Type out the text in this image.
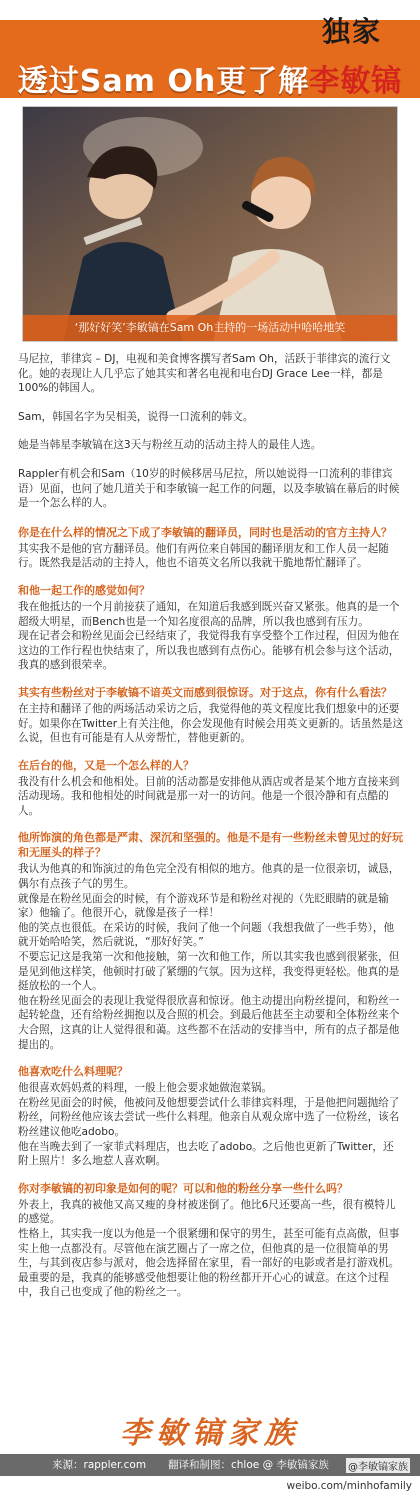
独家
透过Sam Oh更了解李敏镐
‘那好好笑’李敏镐在Sam Oh主持的一场活动中哈哈地笑

马尼拉，菲律宾 – DJ，电视和美食博客撰写者Sam Oh，活跃于菲律宾的流行文化。她的表现让人几乎忘了她其实和著名电视和电台DJ Grace Lee一样，都是100%的韩国人。

Sam，韩国名字为吴相美，说得一口流利的韩文。

她是当韩星李敏镐在这3天与粉丝互动的活动主持人的最佳人选。

Rappler有机会和Sam（10岁的时候移居马尼拉，所以她说得一口流利的菲律宾语）见面，也问了她几道关于和李敏镐一起工作的问题，以及李敏镐在幕后的时候是一个怎么样的人。

你是在什么样的情况之下成了李敏镐的翻译员，同时也是活动的官方主持人？
其实我不是他的官方翻译员。他们有两位来自韩国的翻译朋友和工作人员一起随行。既然我是活动的主持人，他也不谙英文名所以我就干脆地帮忙翻译了。
和他一起工作的感觉如何？
我在他抵达的一个月前接获了通知，在知道后我感到既兴奋又紧张。他真的是一个超级大明星，而Bench也是一个知名度很高的品牌，所以我也感到有压力。
现在记者会和粉丝见面会已经结束了，我觉得我有享受整个工作过程，但因为他在这边的工作行程也快结束了，所以我也感到有点伤心。能够有机会参与这个活动，我真的感到很荣幸。
其实有些粉丝对于李敏镐不谙英文而感到很惊讶。对于这点，你有什么看法？
在主持和翻译了他的两场活动采访之后，我觉得他的英文程度比我们想象中的还要好。如果你在Twitter上有关注他，你会发现他有时候会用英文更新的。话虽然是这么说，但也有可能是有人从旁帮忙，替他更新的。
在后台的他，又是一个怎么样的人？
我没有什么机会和他相处。目前的活动都是安排他从酒店或者是某个地方直接来到活动现场。我和他相处的时间就是那一对一的访问。他是一个很冷静和有点酷的人。
他所饰演的角色都是严肃、深沉和坚强的。他是不是有一些粉丝未曾见过的好玩和无厘头的样子？
我认为他真的和饰演过的角色完全没有相似的地方。他真的是一位很亲切，诚恳，偶尔有点孩子气的男生。
就像是在粉丝见面会的时候，有个游戏环节是和粉丝对视的（先眨眼睛的就是输家）他输了。他很开心，就像是孩子一样！
他的笑点也很低。在采访的时候，我问了他一个问题（我想我做了一些手势），他就开始哈哈笑，然后就说，“那好好笑。”
不要忘记这是我第一次和他接触，第一次和他工作，所以其实我也感到很紧张，但是见到他这样笑，他顿时打破了紧绷的气氛。因为这样，我变得更轻松。他真的是挺放松的一个人。
他在粉丝见面会的表现让我觉得很欣喜和惊讶。他主动提出向粉丝提问，和粉丝一起转轮盘，还有给粉丝拥抱以及合照的机会。到最后他甚至主动要和全体粉丝来个大合照，这真的让人觉得很和蔼。这些都不在活动的安排当中，所有的点子都是他提出的。
他喜欢吃什么料理呢？
他很喜欢妈妈煮的料理，一般上他会要求她做泡菜锅。
在粉丝见面会的时候，他被问及他想要尝试什么菲律宾料理，于是他把问题抛给了粉丝，问粉丝他应该去尝试一些什么料理。他亲自从观众席中选了一位粉丝，该名粉丝建议他吃adobo。
他在当晚去到了一家菲式料理店，也去吃了adobo。之后他也更新了Twitter，还附上照片！多么地惹人喜欢啊。
你对李敏镐的初印象是如何的呢？可以和他的粉丝分享一些什么吗？
外表上，我真的被他又高又瘦的身材被迷倒了。他比6尺还要高一些，很有模特儿的感觉。
性格上，其实我一度以为他是一个很紧绷和保守的男生，甚至可能有点高傲，但事实上他一点都没有。尽管他在演艺圈占了一席之位，但他真的是一位很简单的男生，与其到夜店参与派对，他会选择留在家里，看一部好的电影或者是打游戏机。
最重要的是，我真的能够感受他想要让他的粉丝都开开心心的诚意。在这个过程中，我自己也变成了他的粉丝之一。
李敏镐家族
来源：rappler.com 翻译和制图：chloe @ 李敏镐家族 @李敏镐家族
weibo.com/minhofamily
